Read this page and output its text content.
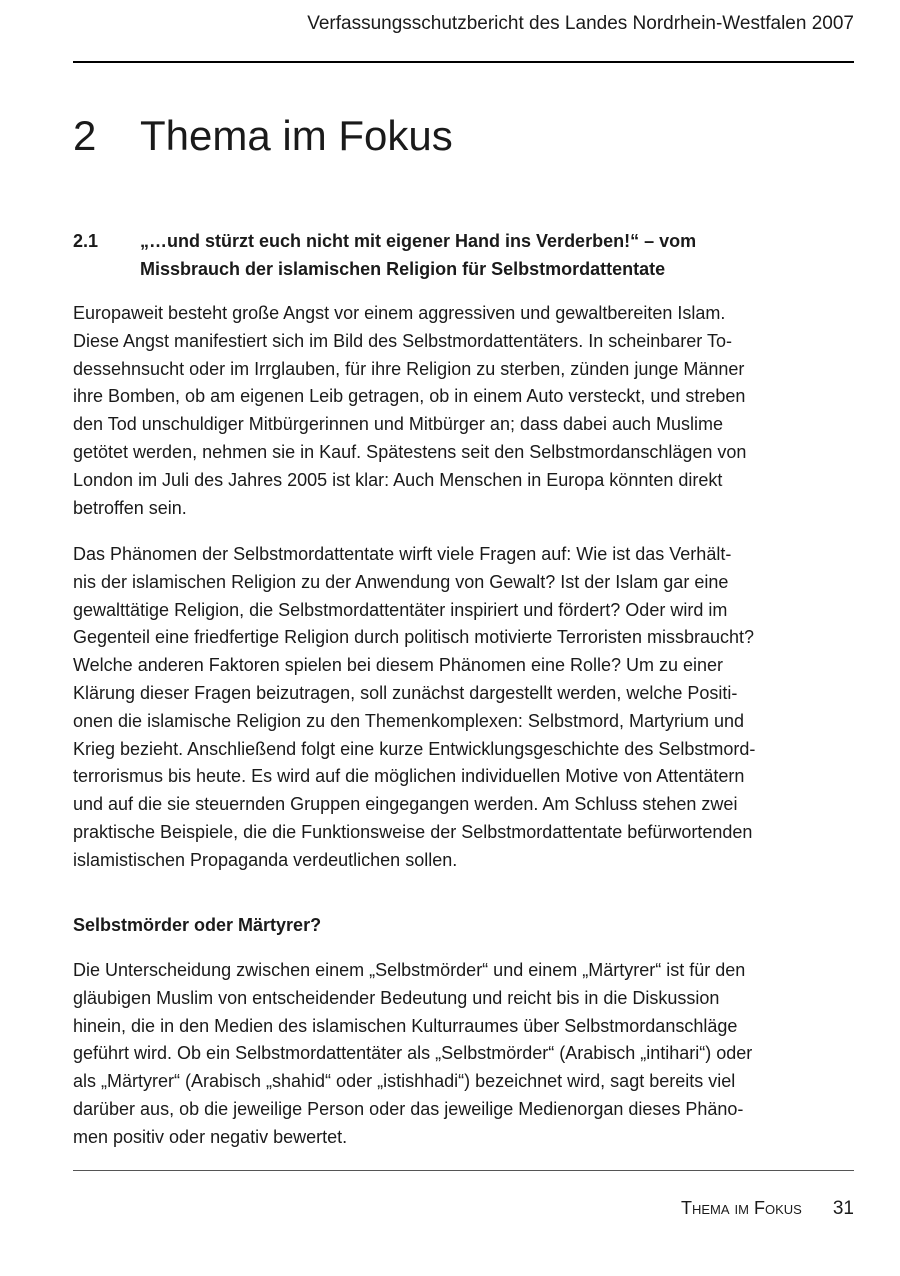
Verfassungsschutzbericht des Landes Nordrhein-Westfalen 2007
2 Thema im Fokus
2.1 „…und stürzt euch nicht mit eigener Hand ins Verderben!“ – vom
Missbrauch der islamischen Religion für Selbstmordattentate

Europaweit besteht große Angst vor einem aggressiven und gewaltbereiten Islam.
Diese Angst manifestiert sich im Bild des Selbstmordattentäters. In scheinbarer To-
dessehnsucht oder im Irrglauben, für ihre Religion zu sterben, zünden junge Männer
ihre Bomben, ob am eigenen Leib getragen, ob in einem Auto versteckt, und streben
den Tod unschuldiger Mitbürgerinnen und Mitbürger an; dass dabei auch Muslime
getötet werden, nehmen sie in Kauf. Spätestens seit den Selbstmordanschlägen von
London im Juli des Jahres 2005 ist klar: Auch Menschen in Europa könnten direkt
betroffen sein.

Das Phänomen der Selbstmordattentate wirft viele Fragen auf: Wie ist das Verhält-
nis der islamischen Religion zu der Anwendung von Gewalt? Ist der Islam gar eine
gewalttätige Religion, die Selbstmordattentäter inspiriert und fördert? Oder wird im
Gegenteil eine friedfertige Religion durch politisch motivierte Terroristen missbraucht?
Welche anderen Faktoren spielen bei diesem Phänomen eine Rolle? Um zu einer
Klärung dieser Fragen beizutragen, soll zunächst dargestellt werden, welche Positi-
onen die islamische Religion zu den Themenkomplexen: Selbstmord, Martyrium und
Krieg bezieht. Anschließend folgt eine kurze Entwicklungsgeschichte des Selbstmord-
terrorismus bis heute. Es wird auf die möglichen individuellen Motive von Attentätern
und auf die sie steuernden Gruppen eingegangen werden. Am Schluss stehen zwei
praktische Beispiele, die die Funktionsweise der Selbstmordattentate befürwortenden
islamistischen Propaganda verdeutlichen sollen.

Selbstmörder oder Märtyrer?

Die Unterscheidung zwischen einem „Selbstmörder“ und einem „Märtyrer“ ist für den
gläubigen Muslim von entscheidender Bedeutung und reicht bis in die Diskussion
hinein, die in den Medien des islamischen Kulturraumes über Selbstmordanschläge
geführt wird. Ob ein Selbstmordattentäter als „Selbstmörder“ (Arabisch „intihari“) oder
als „Märtyrer“ (Arabisch „shahid“ oder „istishhadi“) bezeichnet wird, sagt bereits viel
darüber aus, ob die jeweilige Person oder das jeweilige Medienorgan dieses Phäno-
men positiv oder negativ bewertet.

Thema im Fokus 31
